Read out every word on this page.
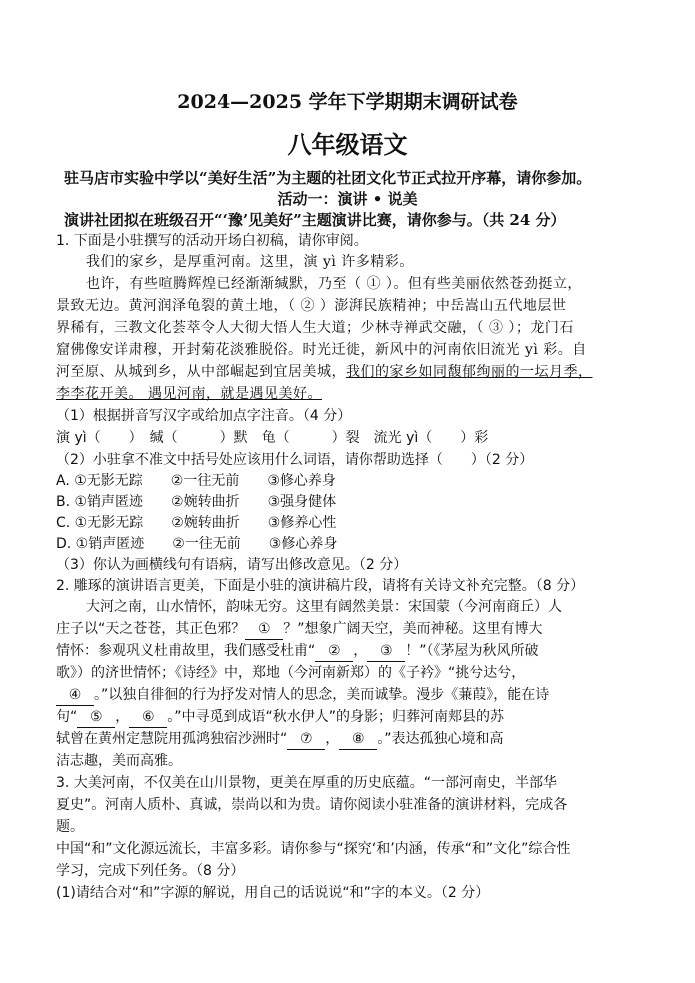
2024—2025 学年下学期期末调研试卷
八年级语文
驻马店市实验中学以“美好生活”为主题的社团文化节正式拉开序幕，请你参加。
活动一：演讲 • 说美
演讲社团拟在班级召开“‘豫’见美好”主题演讲比赛，请你参与。（共 24 分）
1. 下面是小驻撰写的活动开场白初稿，请你审阅。
我们的家乡，是厚重河南。这里，演 yì 许多精彩。
也许，有些喧腾辉煌已经渐渐缄默，乃至（ ① ）。但有些美丽依然苍劲挺立，
景致无边。黄河润泽龟裂的黄土地，（ ② ）澎湃民族精神；中岳嵩山五代地层世
界稀有，三教文化荟萃令人大彻大悟人生大道；少林寺禅武交融，（ ③ ）；龙门石
窟佛像安详肃穆，开封菊花淡雅脱俗。时光迁徙，新风中的河南依旧流光 yì 彩。自
河至原、从城到乡，从中部崛起到宜居美城，我们的家乡如同馥郁绚丽的一坛月季，
李李花开美。 遇见河南，就是遇见美好。
（1）根据拼音写汉字或给加点字注音。（4 分）
演 yì（　　）　缄（　　　）默　龟（　　　）裂　流光 yì（　　）彩
（2）小驻拿不准文中括号处应该用什么词语，请你帮助选择（　　）（2 分）
A. ①无影无踪　　②一往无前　　③修心养身
B. ①销声匿迹　　②婉转曲折　　③强身健体
C. ①无影无踪　　②婉转曲折　　③修养心性
D. ①销声匿迹　　②一往无前　　③修心养身
（3）你认为画横线句有语病，请写出修改意见。（2 分）
2. 雕琢的演讲语言更美，下面是小驻的演讲稿片段，请将有关诗文补充完整。（8 分）
大河之南，山水情怀，韵味无穷。这里有阔然美景：宋国蒙（今河南商丘）人
庄子以“天之苍苍，其正色邪？ ① ？”想象广阔天空，美而神秘。这里有博大
情怀：参观巩义杜甫故里，我们感受杜甫“ ② ， ③ ！”（《茅屋为秋风所破
歌》）的济世情怀；《诗经》中，郑地（今河南新郑）的《子衿》“挑兮达兮，
④ 。”以独自徘徊的行为抒发对情人的思念，美而诚挚。漫步《蒹葭》，能在诗
句“ ⑤ ， ⑥ 。”中寻觅到成语“秋水伊人”的身影；归葬河南郏县的苏
轼曾在黄州定慧院用孤鸿独宿沙洲时“ ⑦ ， ⑧ 。”表达孤独心境和高
洁志趣，美而高雅。
3. 大美河南，不仅美在山川景物，更美在厚重的历史底蕴。“一部河南史，半部华
夏史”。河南人质朴、真诚，崇尚以和为贵。请你阅读小驻准备的演讲材料，完成各
题。
中国“和”文化源远流长，丰富多彩。请你参与“探究‘和’内涵，传承“和”文化”综合性
学习，完成下列任务。（8 分）
(1)请结合对“和”字源的解说，用自己的话说说“和”字的本义。（2 分）
